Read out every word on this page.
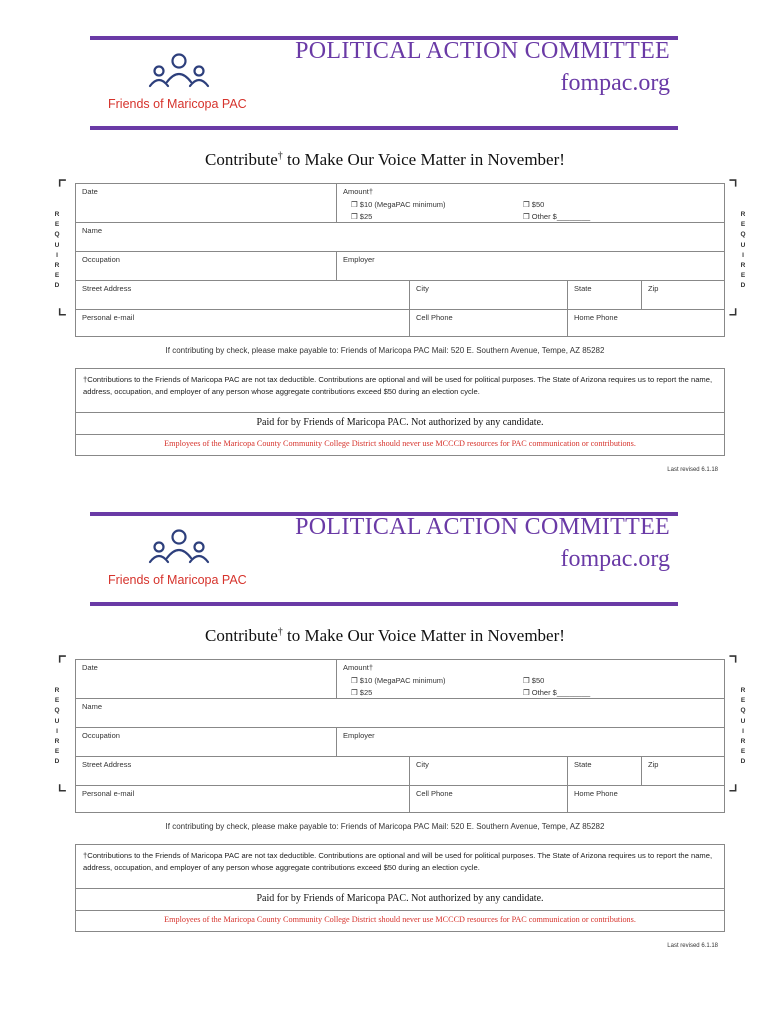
Friends of Maricopa PAC
POLITICAL ACTION COMMITTEE
fompac.org
Contribute† to Make Our Voice Matter in November!
⌜
⌞
⌝
⌟
R
E
Q
U
I
R
E
D
R
E
Q
U
I
R
E
D
Date	Amount†
❒ $10 (MegaPAC minimum)
❒ $25
❒ $50
❒ Other $________
Name
Occupation	Employer
Street Address	City	State	Zip
Personal e-mail	Cell Phone	Home Phone
If contributing by check, please make payable to: Friends of Maricopa PAC Mail: 520 E. Southern Avenue, Tempe, AZ 85282
†Contributions to the Friends of Maricopa PAC are not tax deductible. Contributions are optional and will be used for political purposes. The State of Arizona requires us to report the name, address, occupation, and employer of any person whose aggregate contributions exceed $50 during an election cycle.
Paid for by Friends of Maricopa PAC. Not authorized by any candidate.
Employees of the Maricopa County Community College District should never use MCCCD resources for PAC communication or contributions.
Last revised 6.1.18
Friends of Maricopa PAC
POLITICAL ACTION COMMITTEE
fompac.org
Contribute† to Make Our Voice Matter in November!
⌜
⌞
⌝
⌟
R
E
Q
U
I
R
E
D
R
E
Q
U
I
R
E
D
Date	Amount†
❒ $10 (MegaPAC minimum)
❒ $25
❒ $50
❒ Other $________
Name
Occupation	Employer
Street Address	City	State	Zip
Personal e-mail	Cell Phone	Home Phone
If contributing by check, please make payable to: Friends of Maricopa PAC Mail: 520 E. Southern Avenue, Tempe, AZ 85282
†Contributions to the Friends of Maricopa PAC are not tax deductible. Contributions are optional and will be used for political purposes. The State of Arizona requires us to report the name, address, occupation, and employer of any person whose aggregate contributions exceed $50 during an election cycle.
Paid for by Friends of Maricopa PAC. Not authorized by any candidate.
Employees of the Maricopa County Community College District should never use MCCCD resources for PAC communication or contributions.
Last revised 6.1.18
